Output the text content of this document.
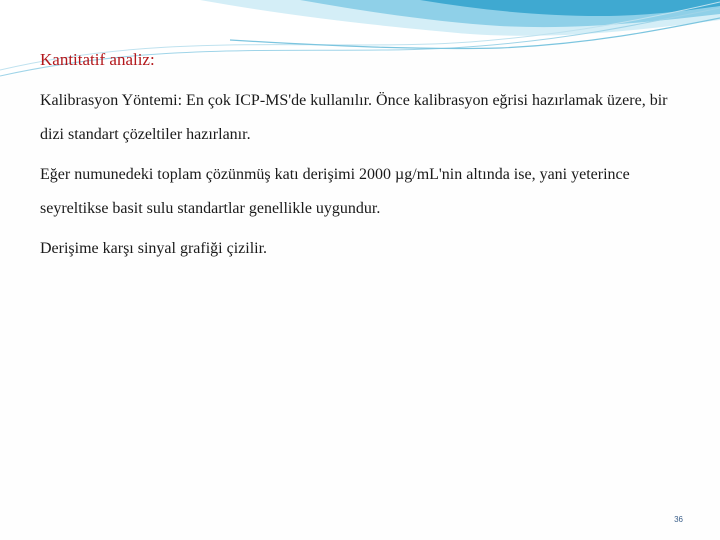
Kantitatif analiz:

Kalibrasyon Yöntemi: En çok ICP-MS'de kullanılır. Önce kalibrasyon eğrisi hazırlamak üzere, bir dizi standart çözeltiler hazırlanır.

Eğer numunedeki toplam çözünmüş katı derişimi 2000 µg/mL'nin altında ise, yani yeterince seyreltikse basit sulu standartlar genellikle uygundur.

Derişime karşı sinyal grafiği çizilir.

36
